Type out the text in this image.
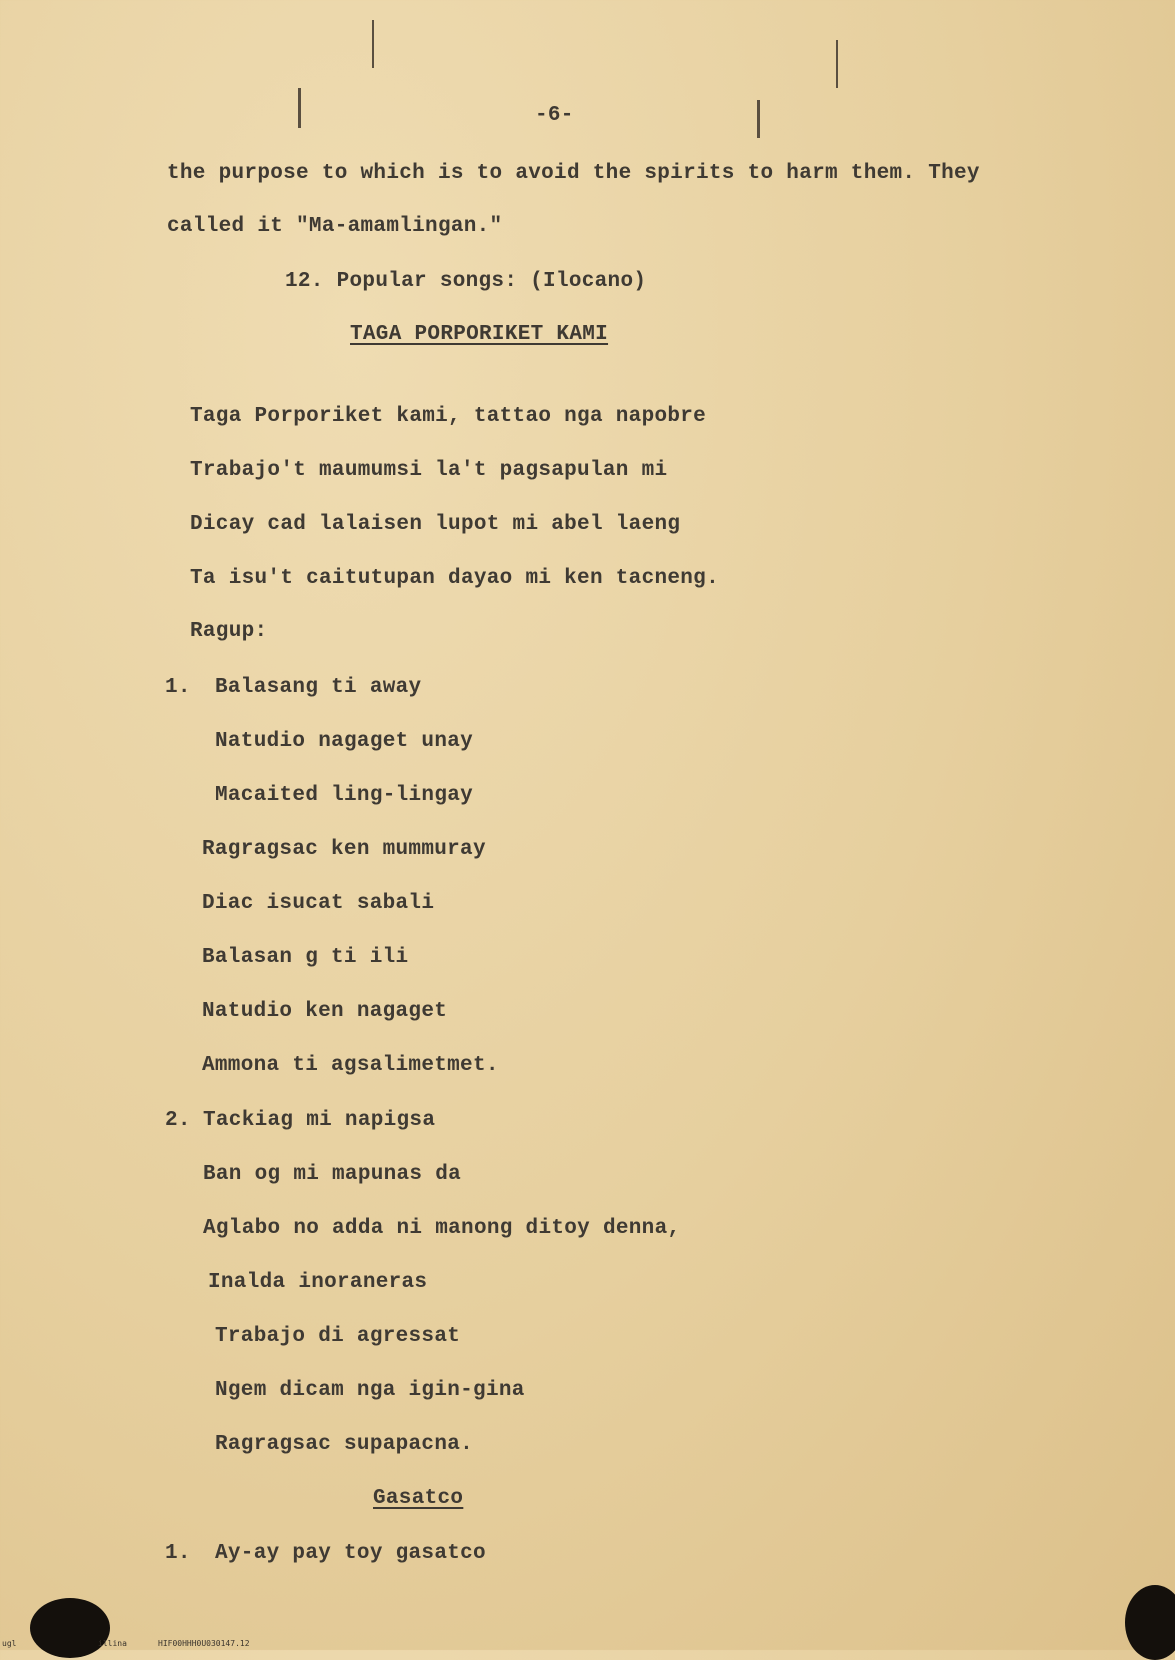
-6-
the purpose to which is to avoid the spirits to harm them. They
called it "Ma-amamlingan."
12. Popular songs: (Ilocano)
TAGA PORPORIKET KAMI
Taga Porporiket kami, tattao nga napobre
Trabajo't maumumsi la't pagsapulan mi
Dicay cad lalaisen lupot mi abel laeng
Ta isu't caitutupan dayao mi ken tacneng.
Ragup:
1. Balasang ti away
Natudio nagaget unay
Macaited ling-lingay
Ragragsac ken mummuray
Diac isucat sabali
Balasan g ti ili
Natudio ken nagaget
Ammona ti agsalimetmet.
2. Tackiag mi napigsa
Ban og mi mapunas da
Aglabo no adda ni manong ditoy denna,
Inalda inoraneras
Trabajo di agressat
Ngem dicam nga igin-gina
Ragragsac supapacna.
Gasatco
1. Ay-ay pay toy gasatco
ugl	illina	HIF00HHH0U030147.12
